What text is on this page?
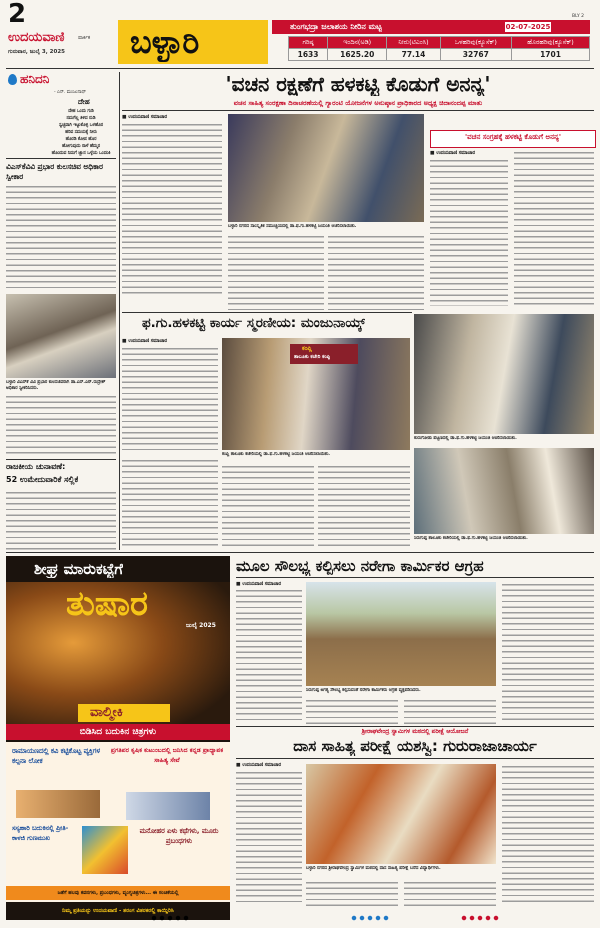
2
ಉದಯವಾಣಿ	ಪಾರ್ಕಿಕ
ಗುರುವಾರ, ಜುಲೈ 3, 2025 ಬಳ್ಳಾರಿ	ತುಂಗಭದ್ರಾ ಜಲಾಶಯ ನೀರಿನ ಮಟ್ಟ	02-07-2025
BLY 2
ಗರಿಷ್ಠ	ಇಂದಿನ(ಅಡಿ)	ನೀರು(ಟಿಎಂಸಿ)	ಒಳಹರಿವು(ಕ್ಯೂಸೆಕ್)	ಹೊರಹರಿವು(ಕ್ಯೂಸೆಕ್)
1633	1625.20	77.14	32767	1701
ಹನಿದನಿ
- ಎನ್. ಮಂಜುನಾಥ್
ದೇಹ
ದೇಹ ಒಂದು ಗುಡಿ
ನಮಗೆಲ್ಲ ತಿಳಿದ ನುಡಿ
ಸ್ವಚ್ಛವಾಗಿ ಇಟ್ಟುಕೊಳ್ಳಿ ಒಳಹೊರ
ಹರಿವ ಸಮಯಕ್ಕೆ ನೀರು
ಹೊರಡಿ ಕೋಪ ಹೊರ
ಹೋಗುವುದು ನಾಳೆ ಹೆಮ್ಮರ
ಹೊಂದುವ ನಿಮಗೆ ಜ್ಞಾನ ಒಳ್ಳೆಯ ಒಂದಂಕಿ
ವಿಎಸ್‌ಕೆವಿವಿ ಪ್ರಭಾರ ಕುಲಸಚಿವ ಅಧಿಕಾರ ಸ್ವೀಕಾರ
ಬಳ್ಳಾರಿ ವಿಎಸ್‌ಕೆ ವಿವಿ ಪ್ರಭಾರ ಕುಲಸಚಿವರಾಗಿ ಡಾ.ಎಸ್.ಎನ್.ರುದ್ರೇಶ್ ಅಧಿಕಾರ ಸ್ವೀಕರಿಸಿದರು.
ರಾಜಕೀಯ ಚುನಾವಣೆ:
52 ಉಮೇದುವಾರಿಕೆ ಸಲ್ಲಿಕೆ
'ವಚನ ರಕ್ಷಣೆಗೆ ಹಳಕಟ್ಟಿ ಕೊಡುಗೆ ಅನನ್ಯ'
ವಚನ ಸಾಹಿತ್ಯ ಸಂರಕ್ಷಣಾ ದಿನಾಚರಣೆಯಲ್ಲಿ ಗ್ಯಾರಂಟಿ ಯೋಜನೆಗಳ ಅನುಷ್ಠಾನ ಪ್ರಾಧಿಕಾರದ ಅಧ್ಯಕ್ಷ ಚಿದಾನಂದಪ್ಪ ಮಾತು
■ ಉದಯವಾಣಿ ಸಮಾಚಾರ
ಬಳ್ಳಾರಿ ನಗರದ ಸಾಂಸ್ಕೃತಿಕ ಸಮುಚ್ಚಯದಲ್ಲಿ ಡಾ.ಫ.ಗು.ಹಳಕಟ್ಟಿ ಜಯಂತಿ ಆಚರಿಸಲಾಯಿತು.
'ವಚನ ಸಂಗ್ರಹಕ್ಕೆ ಹಳಕಟ್ಟಿ ಕೊಡುಗೆ ಅನನ್ಯ'
■ ಉದಯವಾಣಿ ಸಮಾಚಾರ
ಫ.ಗು.ಹಳಕಟ್ಟಿ ಕಾರ್ಯ ಸ್ಮರಣೀಯ: ಮಂಜುನಾಯ್ಕ್
■ ಉದಯವಾಣಿ ಸಮಾಚಾರ
ಕಂಪ್ಲಿ
ತಾಲೂಕು ಕಚೇರಿ ಕಂಪ್ಲಿ
ಕಂಪ್ಲಿ ತಾಲೂಕು ಕಚೇರಿಯಲ್ಲಿ ಡಾ.ಫ.ಗು.ಹಳಕಟ್ಟಿ ಜಯಂತಿ ಆಚರಿಸಲಾಯಿತು.
ಕುರುಗೋಡು ಪಟ್ಟಣದಲ್ಲಿ ಡಾ.ಫ.ಗು.ಹಳಕಟ್ಟಿ ಜಯಂತಿ ಆಚರಿಸಲಾಯಿತು.
ಸಿರುಗುಪ್ಪ ತಾಲೂಕು ಕಚೇರಿಯಲ್ಲಿ ಡಾ.ಫ.ಗು.ಹಳಕಟ್ಟಿ ಜಯಂತಿ ಆಚರಿಸಲಾಯಿತು.
ಶೀಘ್ರ ಮಾರುಕಟ್ಟೆಗೆ
ತುಷಾರ
ಜುಲೈ 2025
ವಾಲ್ಮೀಕಿ
ಬಿಡಿಸಿದ ಬದುಕಿನ ಚಿತ್ರಗಳು
ರಾಮಾಯಣದಲ್ಲಿ ಕವಿ ಕಟ್ಟಿಕೊಟ್ಟ ವ್ಯಕ್ತಿಗಳ ಕಲ್ಪನಾ ಲೋಕ
ಪ್ರಗತಿಪರ ಕೃಷಿಕ ಕುಟುಂಬದಲ್ಲಿ ಜನಿಸಿದ ಕನ್ನಡ ಪ್ರಾಧ್ಯಾಪಕ ಸಾಹಿತ್ಯ ಸೇವೆ
ಸಸ್ಯಹಾರಿ ಬದುಕಿನಲ್ಲಿ ಪ್ರೀತಿ-ಕಾಳಜಿ ಗುಣಮುಖ
ಮನೋಹರ ಏಳು ಕಥೆಗಳು, ಮೂರು ಪ್ರಬಂಧಗಳು
ಜತೆಗೆ ಹಲವು ಕವನಗಳು, ಪ್ರಬಂಧಗಳು, ವ್ಯಂಗ್ಯಚಿತ್ರಗಳು... ಈ ಸಂಚಿಕೆಯಲ್ಲಿ
ನಿಮ್ಮ ಪ್ರತಿಯನ್ನು ಉದಯವಾಣಿ - ತರಂಗ ವಿತರಕರಲ್ಲಿ ಕಾಯ್ದಿರಿಸಿ
ಮೂಲ ಸೌಲಭ್ಯ ಕಲ್ಪಿಸಲು ನರೇಗಾ ಕಾರ್ಮಿಕರ ಆಗ್ರಹ
■ ಉದಯವಾಣಿ ಸಮಾಚಾರ
ಸಿರುಗುಪ್ಪ ಅಗತ್ಯ ಸೌಲಭ್ಯ ಕಲ್ಪಿಸುವಂತೆ ನರೇಗಾ ಕಾರ್ಮಿಕರು ಆಗ್ರಹ ವ್ಯಕ್ತಪಡಿಸಿದರು.
ಶ್ರೀರಾಘವೇಂದ್ರ ಸ್ವಾಮಿಗಳ ಮಠದಲ್ಲಿ ಪರೀಕ್ಷೆ ಆಯೋಜನೆ
ದಾಸ ಸಾಹಿತ್ಯ ಪರೀಕ್ಷೆ ಯಶಸ್ವಿ: ಗುರುರಾಜಾಚಾರ್ಯ
■ ಉದಯವಾಣಿ ಸಮಾಚಾರ
ಬಳ್ಳಾರಿ ನಗರದ ಶ್ರೀರಾಘವೇಂದ್ರ ಸ್ವಾಮಿಗಳ ಮಠದಲ್ಲಿ ದಾಸ ಸಾಹಿತ್ಯ ಪರೀಕ್ಷೆ ಬರೆದ ವಿದ್ಯಾರ್ಥಿಗಳು.
